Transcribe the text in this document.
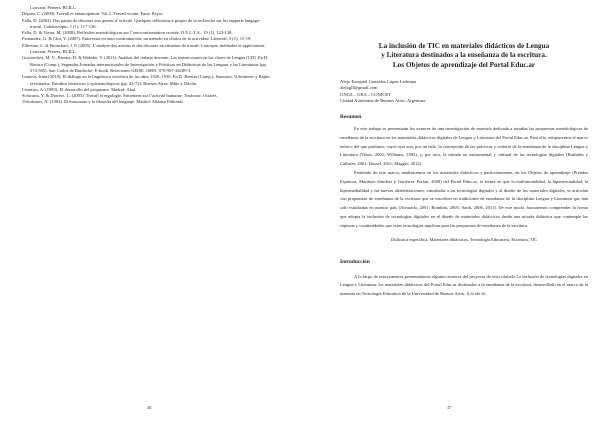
Louvain: Peeters, BCILL.

Dejean, C. (2009). Travail et emancipation: Vol.2. Travail vivant. Paris: Payot.

Falla, D. (2003). Des paires de discours aux genres d’activité. Quelques réflexions à propos de la recherche sur les rapports langage-travail. Calidoscópio, 1 (1), 117-136.

Falla, D. & Vieira, M. (2008). Reflexões metodológicas sur l’autoconfrontation croisée. D.E.L.T.A., 19 (1), 123-138.

Fernandez, G. & Clot, Y. (2007). Entrevista en auto-confrontación: un método en clínica de la actividad. Laboreal, 3 (1), 15-19.

Filliettaz, L. & Bronckart, J. P. (2005). L’analyse des actions et des discours en situation de travail: Concepts, méthodes et applications. Louvain: Peeters, BCILL.

Goicoechea, M. V., Riestra, D. & Wabeke, V. (2011). Análisis del trabajo docente: Las interacciones en las clases de Lengua [CD]. En D. Riestra (Comp.), Segundas Jornadas internacionales de Investigación y Prácticas en Didácticas de las Lenguas y las Literaturas (pp. 574-585). San Carlos de Bariloche: E-book. Relaciones GEISE. ISBN: 978-987-26189-3.

Ivanova, Irina (2010). El diálogo en la lingüística soviética de los años 1920–1930. En D. Riestra (Comp.), Saussure, Voloshinov y Bajtín revisitados. Estudios históricos y epistemológicos (pp. 43-72). Buenos Aires: Miño y Dávila.

Leontiev, A. (1983). El desarrollo del psiquismo. Madrid: Akal.

Schwartz, Y. & Durrive, L. (2003). Travail et ergologie. Entretiens sur l’activité humaine. Toulouse: Octarès.

Voloshinov, N. (1992). El marxismo y la filosofía del lenguaje. Madrid: Alianza Editorial.

48
La inclusión de TIC en materiales didácticos de Lengua
y Literatura destinados a la enseñanza de la escritura.
Los Objetos de aprendizaje del Portal Educ.ar
Alejo Ezequiel González López Ledesma
alejogll@gmail.com
UNGS – UBA – CONICET
Ciudad Autónoma de Buenos Aires, Argentina
Resumen

En este trabajo se presentarán los avances de una investigación de maestría dedicada a estudiar las propuestas metodológicas de enseñanza de la escritura en los materiales didácticos digitales de Lengua y Literatura del Portal Educ.ar. Para ello, adoptaremos el marco teórico del que partimos, cuyos ejes son, por un lado, la concepción de las prácticas y cultural de la enseñanza de la disciplina Lengua y Literatura (Viñao, 2002; Williams, 1982), y, por otro, la mirada no instrumental y cultural de las tecnologías digitales (Burbules y Callister, 2001; Dussel, 2011; Maggio, 2012).

Partiendo de este marco, analizaremos en los materiales didácticos y particularmente, en los Objetos de aprendizaje (Prendes Espinosa, Martínez Sánchez y Gutiérrez Porlán, 2008) del Portal Educ.ar, la forma en que la multimodalidad, la hipertextualidad, la hipermedialidad y las nuevas alfabetizaciones, vinculadas a las tecnologías digitales y al diseño de los materiales digitales, se articulan con propuestas de enseñanza de la escritura que se inscriben en tradiciones de enseñanza de la disciplina Lengua y Literatura que han sido estudiadas en nuestro país (Alvarado, 2001; Bombini, 2005; Sardi, 2006, 2011). De este modo, buscaremos comprender la forma que adopta la inclusión de tecnologías digitales en el diseño de materiales didácticos desde una mirada didáctica que contemple las rupturas y continuidades que estas tecnologías implican para las propuestas de enseñanza de la escritura.

Didáctica específica, Materiales didácticos, Tecnología Educativa, Escritura, TIC

Introducción

A lo largo de esta ponencia presentaremos algunos avances del proyecto de tesis titulado La inclusión de tecnologías digitales en Lengua y Literatura: los materiales didácticos del Portal Educ.ar destinados a la enseñanza de la escritura, desarrollado en el marco de la maestría en Tecnología Educativa de la Universidad de Buenos Aires. A lo ele fe-

47
